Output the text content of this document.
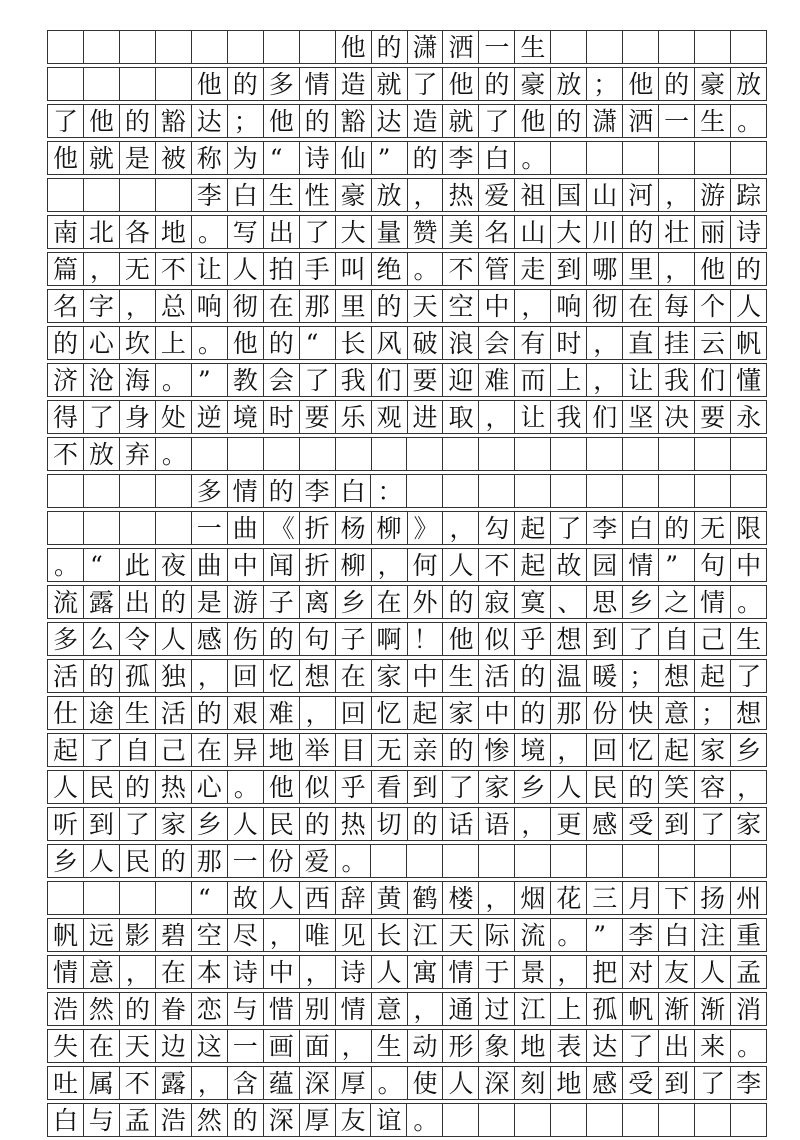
他 的 潇 洒 一 生
他 的 多 情 造 就 了 他 的 豪 放 ； 他 的 豪 放
了 他 的 豁 达 ； 他 的 豁 达 造 就 了 他 的 潇 洒 一 生 。
他 就 是 被 称 为 “ 诗 仙 ” 的 李 白 。
李 白 生 性 豪 放 ， 热 爱 祖 国 山 河 ， 游 踪
南 北 各 地 。 写 出 了 大 量 赞 美 名 山 大 川 的 壮 丽 诗
篇 ， 无 不 让 人 拍 手 叫 绝 。 不 管 走 到 哪 里 ， 他 的
名 字 ， 总 响 彻 在 那 里 的 天 空 中 ， 响 彻 在 每 个 人
的 心 坎 上 。 他 的 “ 长 风 破 浪 会 有 时 ， 直 挂 云 帆
济 沧 海 。 ” 教 会 了 我 们 要 迎 难 而 上 ， 让 我 们 懂
得 了 身 处 逆 境 时 要 乐 观 进 取 ， 让 我 们 坚 决 要 永
不 放 弃 。
多 情 的 李 白 ：
一 曲 《 折 杨 柳 》 ， 勾 起 了 李 白 的 无 限
。 “ 此 夜 曲 中 闻 折 柳 ， 何 人 不 起 故 园 情 ” 句 中
流 露 出 的 是 游 子 离 乡 在 外 的 寂 寞 、 思 乡 之 情 。
多 么 令 人 感 伤 的 句 子 啊 ！ 他 似 乎 想 到 了 自 己 生
活 的 孤 独 ， 回 忆 想 在 家 中 生 活 的 温 暖 ； 想 起 了
仕 途 生 活 的 艰 难 ， 回 忆 起 家 中 的 那 份 快 意 ； 想
起 了 自 己 在 异 地 举 目 无 亲 的 惨 境 ， 回 忆 起 家 乡
人 民 的 热 心 。 他 似 乎 看 到 了 家 乡 人 民 的 笑 容 ，
听 到 了 家 乡 人 民 的 热 切 的 话 语 ， 更 感 受 到 了 家
乡 人 民 的 那 一 份 爱 。
“ 故 人 西 辞 黄 鹤 楼 ， 烟 花 三 月 下 扬 州
帆 远 影 碧 空 尽 ， 唯 见 长 江 天 际 流 。 ” 李 白 注 重
情 意 ， 在 本 诗 中 ， 诗 人 寓 情 于 景 ， 把 对 友 人 孟
浩 然 的 眷 恋 与 惜 别 情 意 ， 通 过 江 上 孤 帆 渐 渐 消
失 在 天 边 这 一 画 面 ， 生 动 形 象 地 表 达 了 出 来 。
吐 属 不 露 ， 含 蕴 深 厚 。 使 人 深 刻 地 感 受 到 了 李
白 与 孟 浩 然 的 深 厚 友 谊 。
